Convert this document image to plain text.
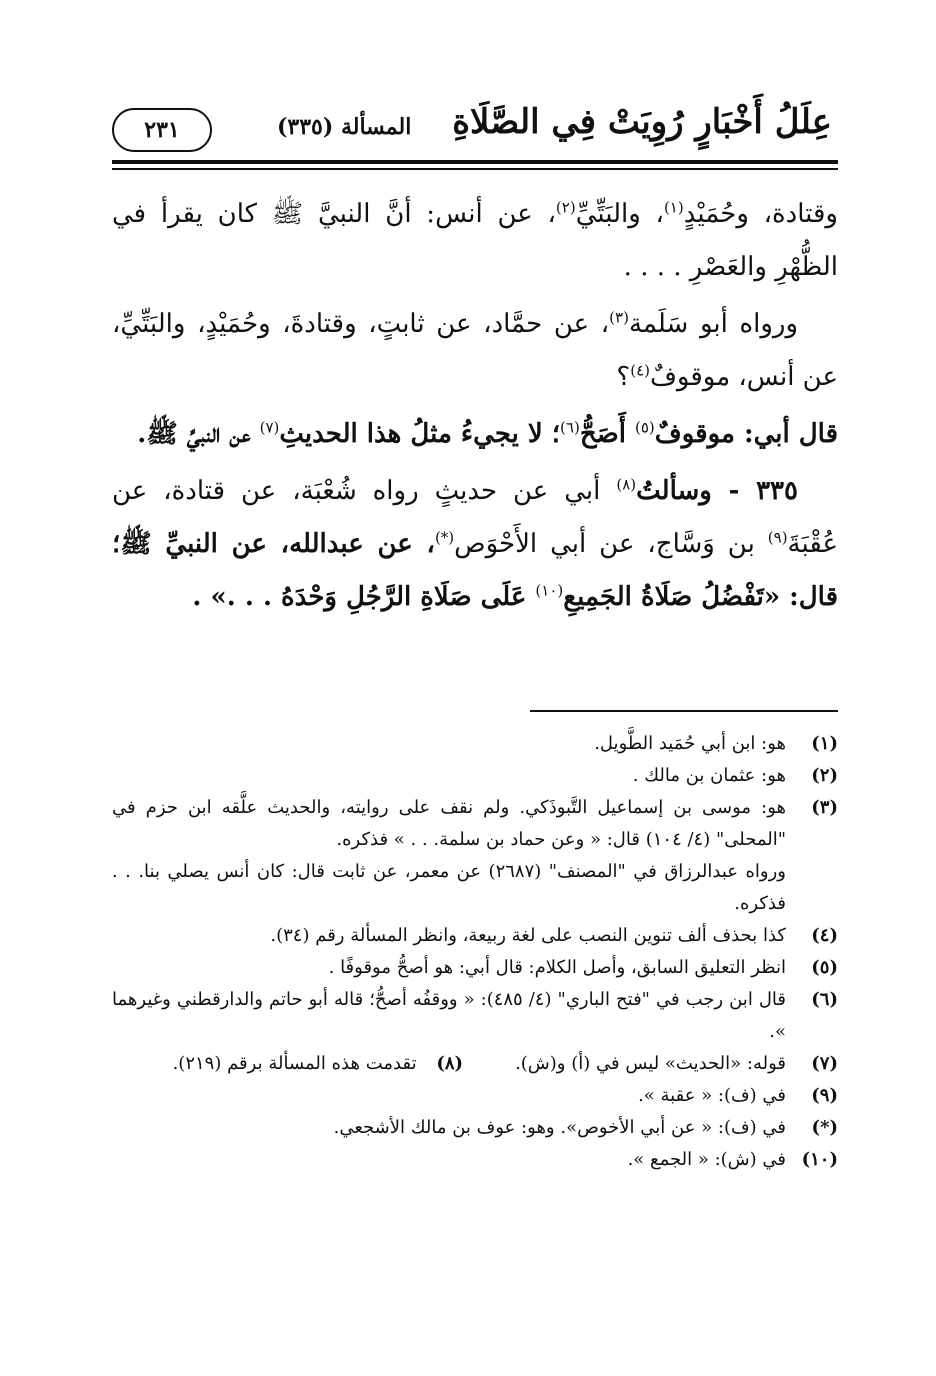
عِلَلُ أَخْبَارٍ رُوِيَتْ فِي الصَّلَاةِ
المسألة (٣٣٥)
٢٣١

وقتادة، وحُمَيْدٍ$^{(١)}$، والبَتِّيِّ$^{(٢)}$، عن أنس: أنَّ النبيَّ ﷺ كان يقرأ في الظُّهْرِ والعَصْرِ . . . .

ورواه أبو سَلَمة$^{(٣)}$، عن حمَّاد، عن ثابتٍ، وقتادةَ، وحُمَيْدٍ، والبَتِّيِّ، عن أنس، موقوفٌ$^{(٤)}$؟

قال أبي: موقوفٌ$^{(٥)}$ أَصَحُّ$^{(٦)}$؛ لا يجيءُ مثلُ هذا الحديثِ$^{(٧)}$ عن النبيِّ ﷺ.

٣٣٥ - وسألتُ$^{(٨)}$ أبي عن حديثٍ رواه شُعْبَة، عن قتادة، عن عُقْبَةَ$^{(٩)}$ بن وَسَّاج، عن أبي الأَحْوَص(*)، عن عبدالله، عن النبيِّ ﷺ؛ قال: «تَفْضُلُ صَلَاةُ الجَمِيعِ$^{(١٠)}$ عَلَى صَلَاةِ الرَّجُلِ وَحْدَهُ . . .» .

(١)
هو: ابن أبي حُمَيد الطَّويل.
(٢)
هو: عثمان بن مالك .
(٣)
هو: موسى بن إسماعيل التَّبوذَكي. ولم نقف على روايته، والحديث علَّقه ابن حزم في "المحلى" (٤/ ١٠٤) قال: « وعن حماد بن سلمة. . . » فذكره.
ورواه عبدالرزاق في "المصنف" (٢٦٨٧) عن معمر، عن ثابت قال: كان أنس يصلي بنا. . . فذكره.
(٤)
كذا بحذف ألف تنوين النصب على لغة ربيعة، وانظر المسألة رقم (٣٤).
(٥)
انظر التعليق السابق، وأصل الكلام: قال أبي: هو أصحُّ موقوفًا .
(٦)
قال ابن رجب في "فتح الباري" (٤/ ٤٨٥): « ووقفُه أصحُّ؛ قاله أبو حاتم والدارقطني وغيرهما ».
(٧)
قوله: «الحديث» ليس في (أ) و(ش).
(٨) تقدمت هذه المسألة برقم (٢١٩).
(٩)
في (ف): « عقبة ».
(*)
في (ف): « عن أبي الأخوص». وهو: عوف بن مالك الأشجعي.
(١٠)
في (ش): « الجمع ».
